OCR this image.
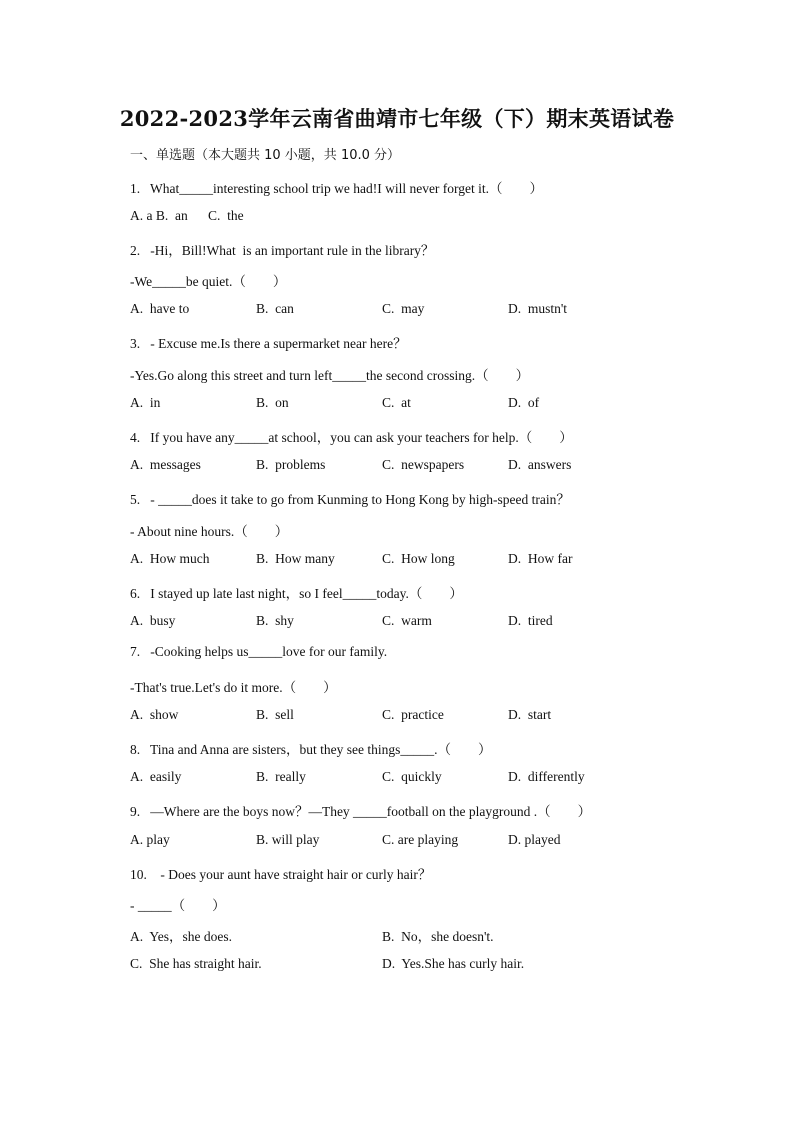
2022-2023学年云南省曲靖市七年级（下）期末英语试卷
一、单选题（本大题共 10 小题，共 10.0 分）
1.   What_____interesting school trip we had!I will never forget it.（        ）
A. a B.  an      C.  the
2.   -Hi，Bill!What  is an important rule in the library？
-We_____be quiet.（        ）
A.  have to	B.  can	C.  may	D.  mustn't
3.   - Excuse me.Is there a supermarket near here？
-Yes.Go along this street and turn left_____the second crossing.（        ）
A.  in	B.  on	C.  at	D.  of
4.   If you have any_____at school，you can ask your teachers for help.（        ）
A.  messages	B.  problems	C.  newspapers	D.  answers
5.   - _____does it take to go from Kunming to Hong Kong by high-speed train？
- About nine hours.（        ）
A.  How much	B.  How many	C.  How long	D.  How far
6.   I stayed up late last night，so I feel_____today.（        ）
A.  busy	B.  shy	C.  warm	D.  tired
7.   -Cooking helps us_____love for our family.
-That's true.Let's do it more.（        ）
A.  show	B.  sell	C.  practice	D.  start
8.   Tina and Anna are sisters，but they see things_____.（        ）
A.  easily	B.  really	C.  quickly	D.  differently
9.   —Where are the boys now？—They _____football on the playground .（        ）
A. play	B. will play	C. are playing	D. played
10.    - Does your aunt have straight hair or curly hair？
- _____（        ）
A.  Yes，she does.	B.  No，she doesn't.
C.  She has straight hair.	D.  Yes.She has curly hair.
